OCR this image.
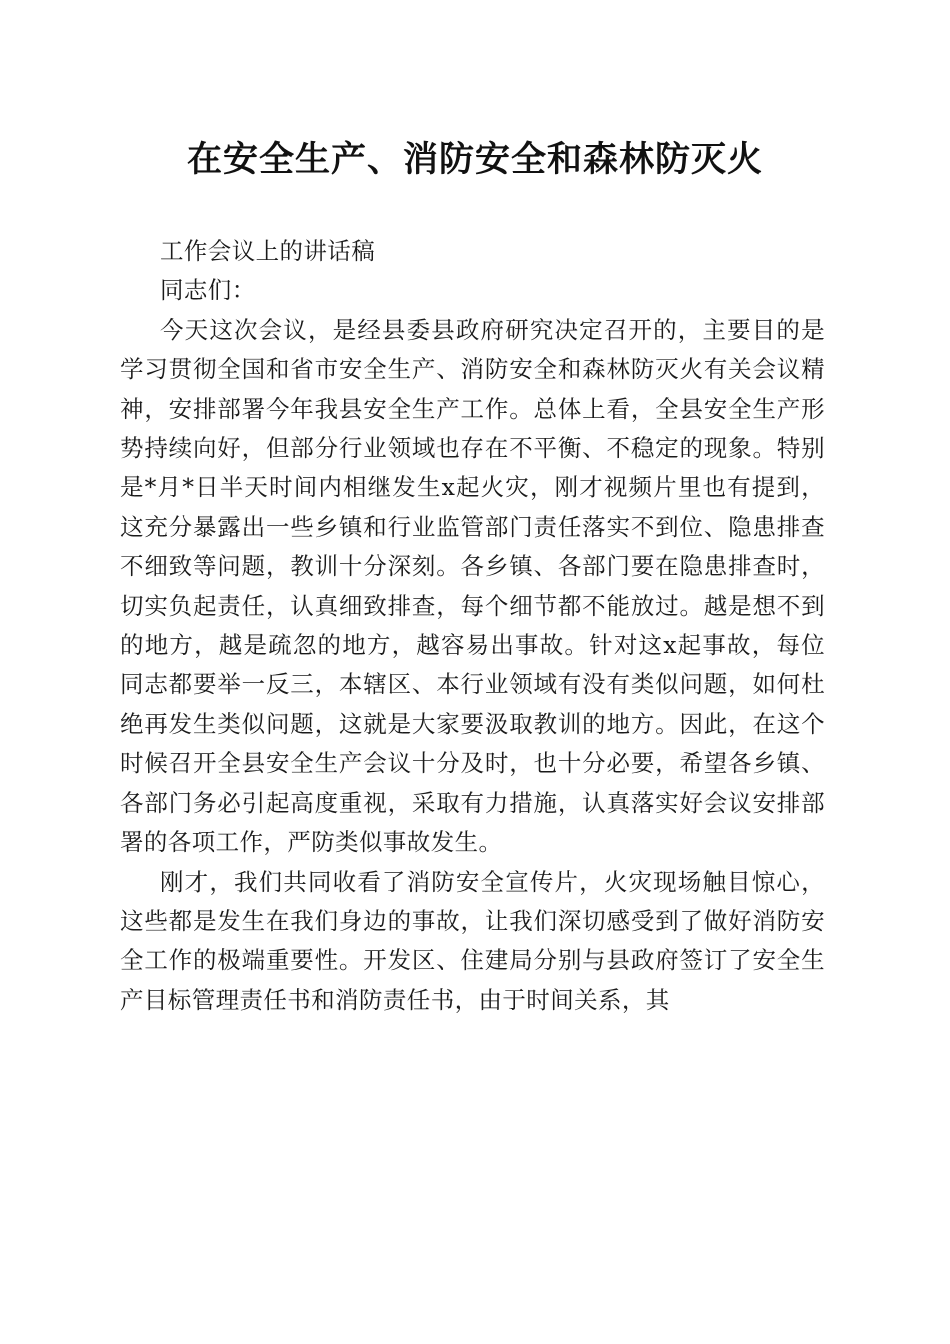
在安全生产、消防安全和森林防灭火

工作会议上的讲话稿

同志们：

今天这次会议，是经县委县政府研究决定召开的，主要目的是学习贯彻全国和省市安全生产、消防安全和森林防灭火有关会议精神，安排部署今年我县安全生产工作。总体上看，全县安全生产形势持续向好，但部分行业领域也存在不平衡、不稳定的现象。特别是*月*日半天时间内相继发生x起火灾，刚才视频片里也有提到，这充分暴露出一些乡镇和行业监管部门责任落实不到位、隐患排查不细致等问题，教训十分深刻。各乡镇、各部门要在隐患排查时，切实负起责任，认真细致排查，每个细节都不能放过。越是想不到的地方，越是疏忽的地方，越容易出事故。针对这x起事故，每位同志都要举一反三，本辖区、本行业领域有没有类似问题，如何杜绝再发生类似问题，这就是大家要汲取教训的地方。因此，在这个时候召开全县安全生产会议十分及时，也十分必要，希望各乡镇、各部门务必引起高度重视，采取有力措施，认真落实好会议安排部署的各项工作，严防类似事故发生。

刚才，我们共同收看了消防安全宣传片，火灾现场触目惊心，这些都是发生在我们身边的事故，让我们深切感受到了做好消防安全工作的极端重要性。开发区、住建局分别与县政府签订了安全生产目标管理责任书和消防责任书，由于时间关系，其
